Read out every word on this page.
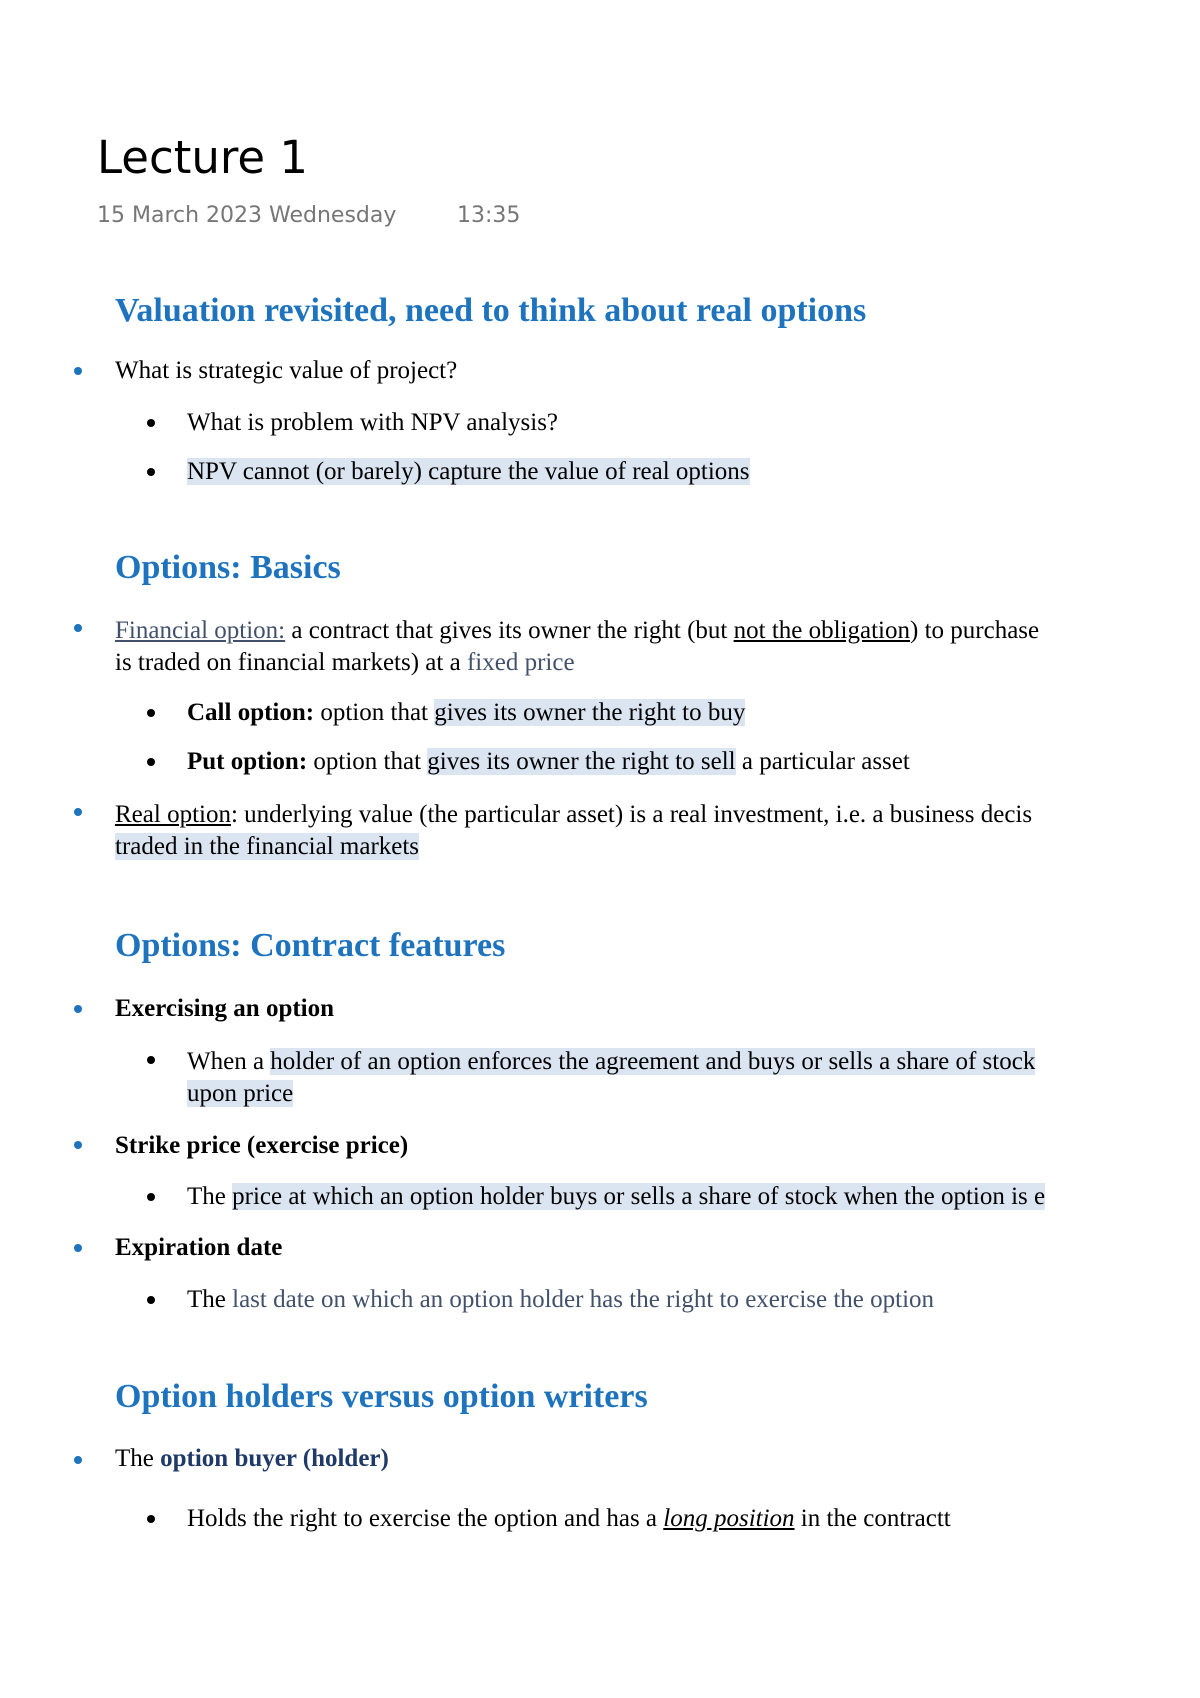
Lecture 1
15 March 2023 Wednesday	13:35
Valuation revisited, need to think about real options
What is strategic value of project?
What is problem with NPV analysis?
NPV cannot (or barely) capture the value of real options
Options: Basics
Financial option: a contract that gives its owner the right (but not the obligation) to purchase
is traded on financial markets) at a fixed price
Call option: option that gives its owner the right to buy
Put option: option that gives its owner the right to sell a particular asset
Real option: underlying value (the particular asset) is a real investment, i.e. a business decis
traded in the financial markets
Options: Contract features
Exercising an option
When a holder of an option enforces the agreement and buys or sells a share of stock
upon price
Strike price (exercise price)
The price at which an option holder buys or sells a share of stock when the option is e
Expiration date
The last date on which an option holder has the right to exercise the option
Option holders versus option writers
The option buyer (holder)
Holds the right to exercise the option and has a long position in the contractt
